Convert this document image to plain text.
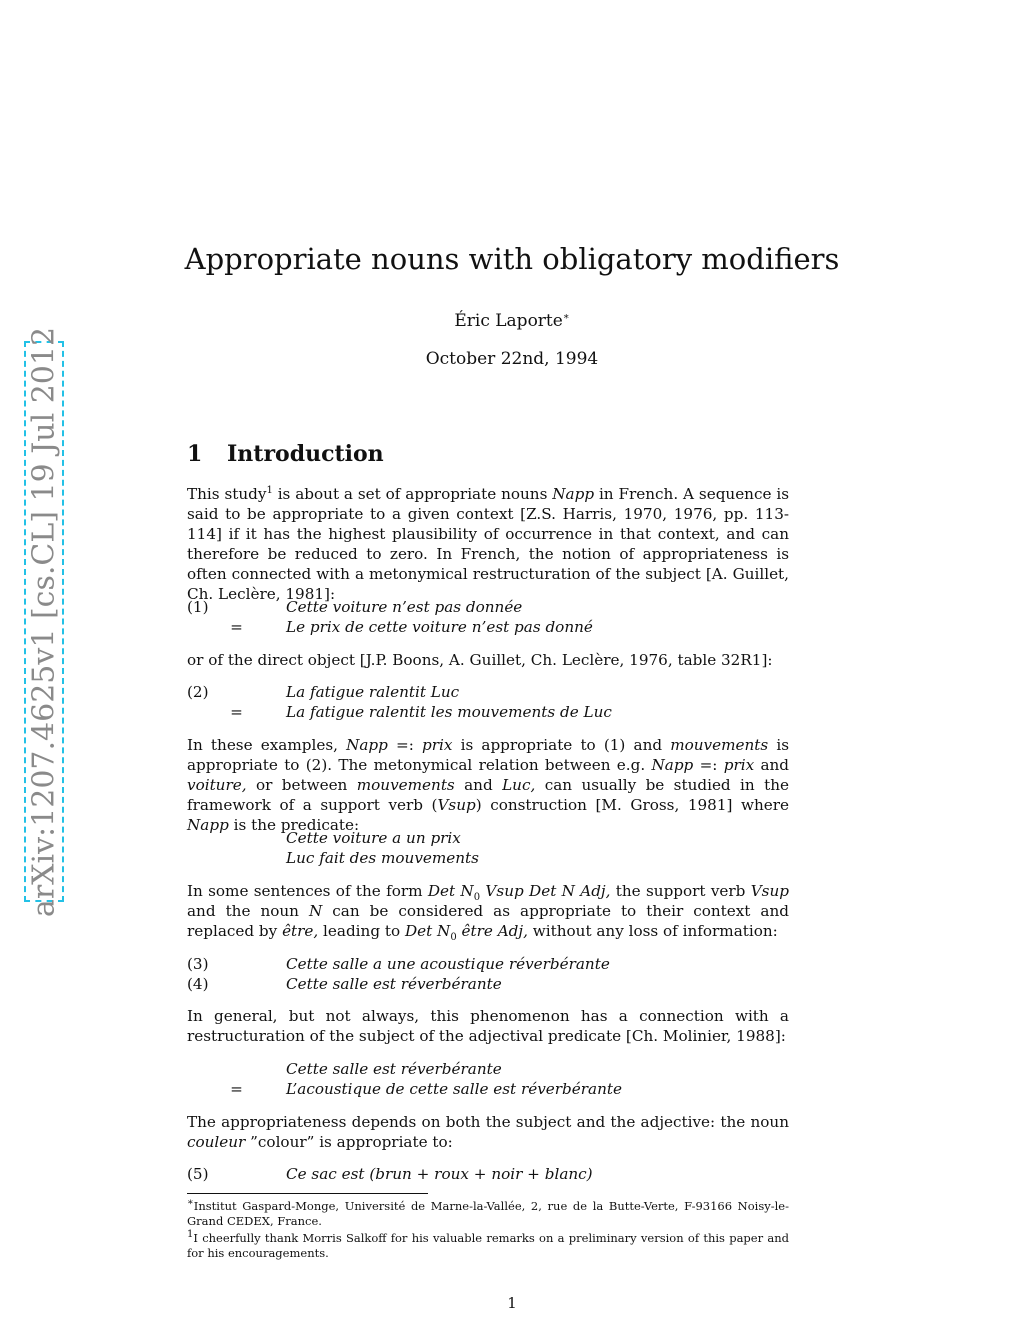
arXiv:1207.4625v1 [cs.CL] 19 Jul 2012
Appropriate nouns with obligatory modifiers
Éric Laporte∗
October 22nd, 1994
1 Introduction
This study$^1$ is about a set of appropriate nouns Napp in French. A sequence is said to be appropriate to a given context [Z.S. Harris, 1970, 1976, pp. 113-114] if it has the highest plausibility of occurrence in that context, and can therefore be reduced to zero. In French, the notion of appropriateness is often connected with a metonymical restructuration of the subject [A. Guillet, Ch. Leclère, 1981]:
(1)	Cette voiture n’est pas donnée
=	Le prix de cette voiture n’est pas donné
or of the direct object [J.P. Boons, A. Guillet, Ch. Leclère, 1976, table 32R1]:
(2)	La fatigue ralentit Luc
=	La fatigue ralentit les mouvements de Luc
In these examples, Napp =: prix is appropriate to (1) and mouvements is appropriate to (2). The metonymical relation between e.g. Napp =: prix and voiture, or between mouvements and Luc, can usually be studied in the framework of a support verb (Vsup) construction [M. Gross, 1981] where Napp is the predicate:
Cette voiture a un prix
Luc fait des mouvements
In some sentences of the form Det $N_0$ Vsup Det N Adj, the support verb Vsup and the noun N can be considered as appropriate to their context and replaced by être, leading to Det $N_0$ être Adj, without any loss of information:
(3)	Cette salle a une acoustique réverbérante
(4)	Cette salle est réverbérante
In general, but not always, this phenomenon has a connection with a restructuration of the subject of the adjectival predicate [Ch. Molinier, 1988]:
Cette salle est réverbérante
=	L’acoustique de cette salle est réverbérante
The appropriateness depends on both the subject and the adjective: the noun couleur ”colour” is appropriate to:
(5)	Ce sac est (brun + roux + noir + blanc)
∗Institut Gaspard-Monge, Université de Marne-la-Vallée, 2, rue de la Butte-Verte, F-93166 Noisy-le-Grand CEDEX, France.
$^1$I cheerfully thank Morris Salkoff for his valuable remarks on a preliminary version of this paper and for his encouragements.
1
